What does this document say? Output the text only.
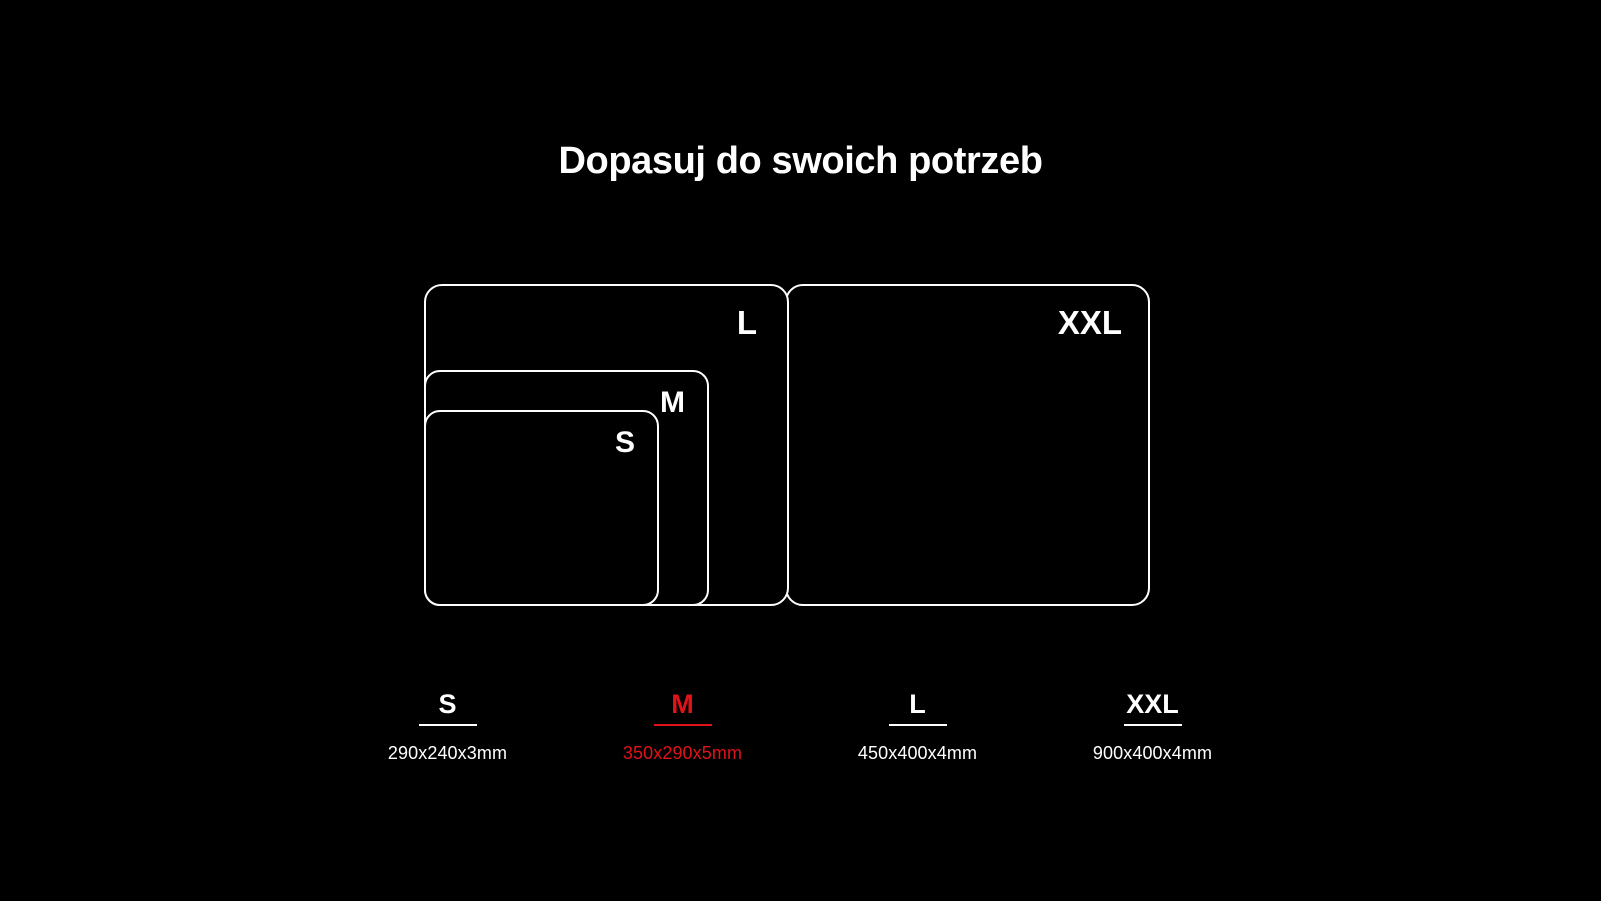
Dopasuj do swoich potrzeb
XXL
L
M
S
S
290x240x3mm
M
350x290x5mm
L
450x400x4mm
XXL
900x400x4mm
